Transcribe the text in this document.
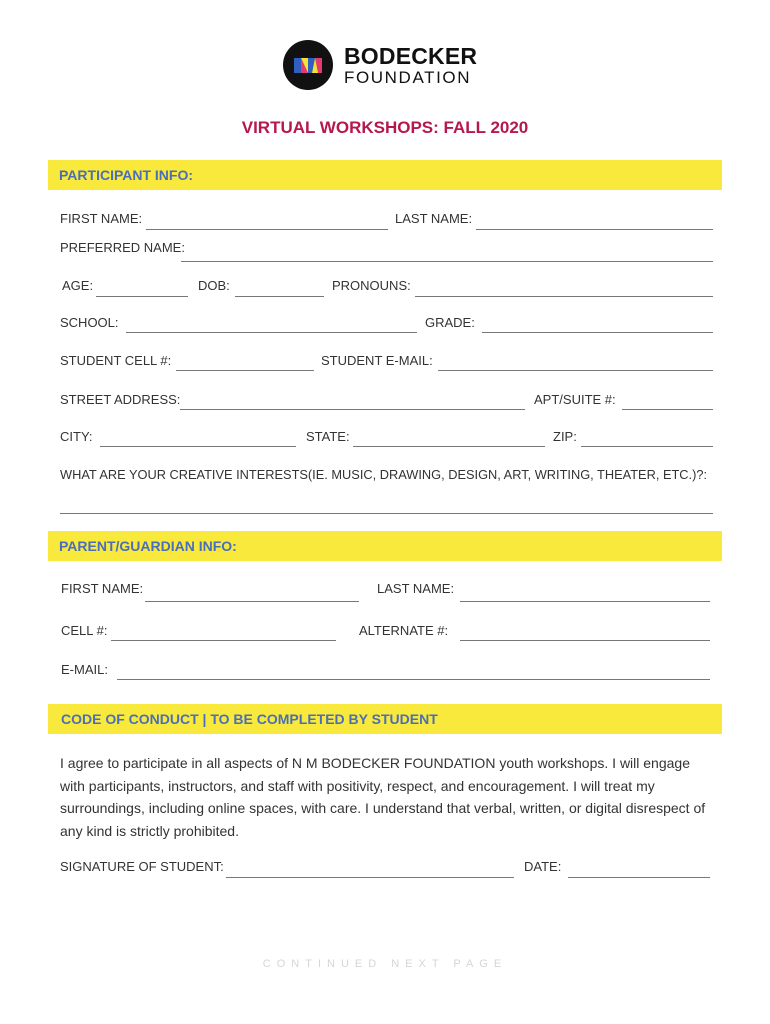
BODECKER
FOUNDATION
VIRTUAL WORKSHOPS: FALL 2020
PARTICIPANT INFO:
FIRST NAME:	LAST NAME:
PREFERRED NAME:
AGE:	DOB:	PRONOUNS:
SCHOOL:	GRADE:
STUDENT CELL #:	STUDENT E-MAIL:
STREET ADDRESS:	APT/SUITE #:
CITY:	STATE:	ZIP:
WHAT ARE YOUR CREATIVE INTERESTS(IE. MUSIC, DRAWING, DESIGN, ART, WRITING, THEATER, ETC.)?:
PARENT/GUARDIAN INFO:
FIRST NAME:	LAST NAME:
CELL #:	ALTERNATE #:
E-MAIL:
CODE OF CONDUCT | TO BE COMPLETED BY STUDENT
I agree to participate in all aspects of N M BODECKER FOUNDATION youth workshops. I will engage with participants, instructors, and staff with positivity, respect, and encouragement. I will treat my surroundings, including online spaces, with care. I understand that verbal, written, or digital disrespect of any kind is strictly prohibited.
SIGNATURE OF STUDENT:	DATE:
CONTINUED NEXT PAGE
